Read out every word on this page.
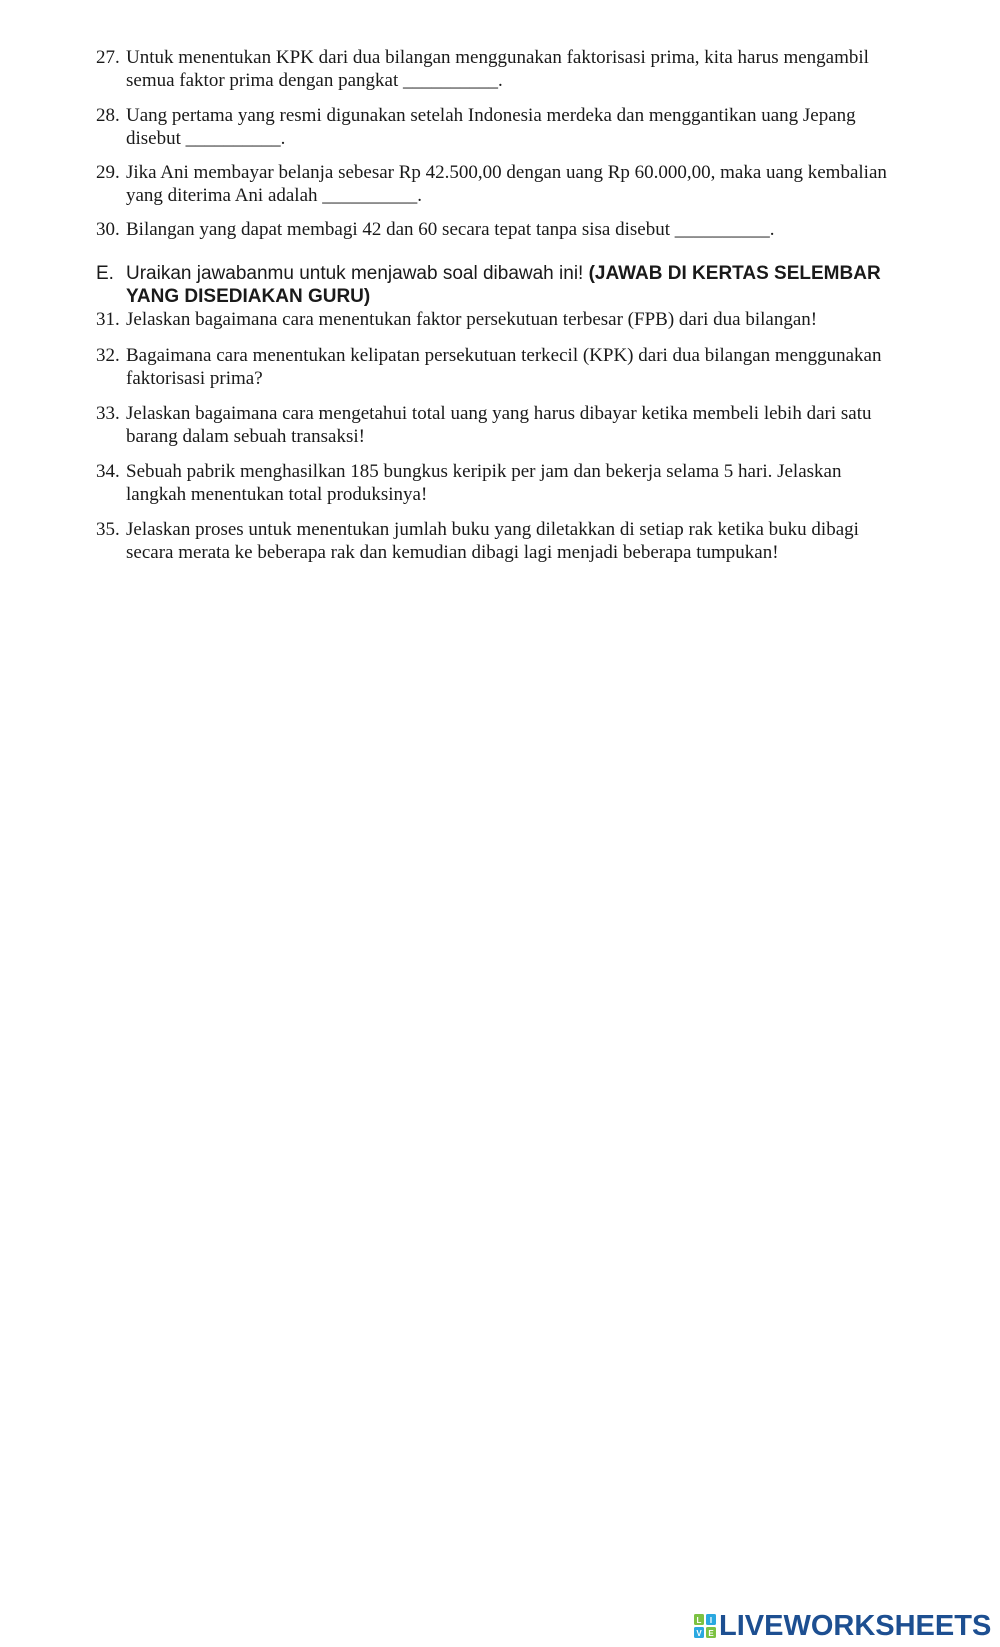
27. Untuk menentukan KPK dari dua bilangan menggunakan faktorisasi prima, kita harus mengambil semua faktor prima dengan pangkat __________.
28. Uang pertama yang resmi digunakan setelah Indonesia merdeka dan menggantikan uang Jepang disebut __________.
29. Jika Ani membayar belanja sebesar Rp 42.500,00 dengan uang Rp 60.000,00, maka uang kembalian yang diterima Ani adalah __________.
30. Bilangan yang dapat membagi 42 dan 60 secara tepat tanpa sisa disebut __________.
E. Uraikan jawabanmu untuk menjawab soal dibawah ini! (JAWAB DI KERTAS SELEMBAR YANG DISEDIAKAN GURU)
31. Jelaskan bagaimana cara menentukan faktor persekutuan terbesar (FPB) dari dua bilangan!
32. Bagaimana cara menentukan kelipatan persekutuan terkecil (KPK) dari dua bilangan menggunakan faktorisasi prima?
33. Jelaskan bagaimana cara mengetahui total uang yang harus dibayar ketika membeli lebih dari satu barang dalam sebuah transaksi!
34. Sebuah pabrik menghasilkan 185 bungkus keripik per jam dan bekerja selama 5 hari. Jelaskan langkah menentukan total produksinya!
35. Jelaskan proses untuk menentukan jumlah buku yang diletakkan di setiap rak ketika buku dibagi secara merata ke beberapa rak dan kemudian dibagi lagi menjadi beberapa tumpukan!
L I
V E LIVEWORKSHEETS
